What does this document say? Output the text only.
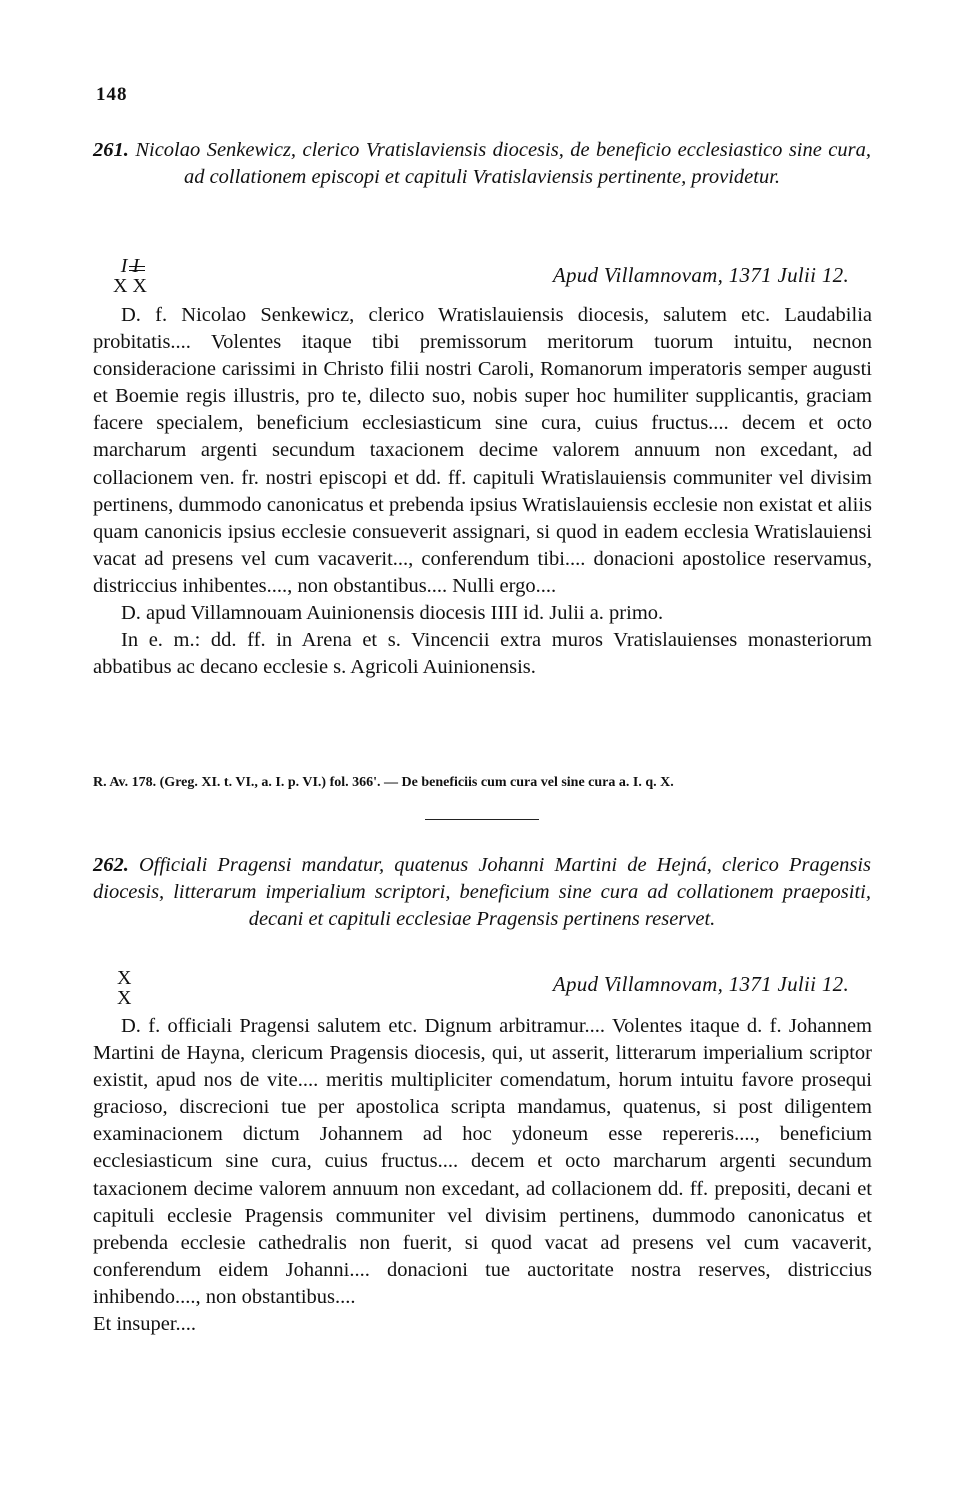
148
261. Nicolao Senkewicz, clerico Vratislaviensis diocesis, de beneficio ecclesiastico sine cura, ad collationem episcopi et capituli Vratislaviensis pertinente, providetur.
I I
X X	Apud Villamnovam, 1371 Julii 12.

D. f. Nicolao Senkewicz, clerico Wratislauiensis diocesis, salutem etc. Laudabilia probitatis.... Volentes itaque tibi premissorum meritorum tuorum intuitu, necnon consideracione carissimi in Christo filii nostri Caroli, Romanorum imperatoris semper augusti et Boemie regis illustris, pro te, dilecto suo, nobis super hoc humiliter supplicantis, graciam facere specialem, beneficium ecclesiasticum sine cura, cuius fructus.... decem et octo marcharum argenti secundum taxacionem decime valorem annuum non excedant, ad collacionem ven. fr. nostri episcopi et dd. ff. capituli Wratislauiensis communiter vel divisim pertinens, dummodo canonicatus et prebenda ipsius Wratislauiensis ecclesie non existat et aliis quam canonicis ipsius ecclesie consueverit assignari, si quod in eadem ecclesia Wratislauiensi vacat ad presens vel cum vacaverit..., conferendum tibi.... donacioni apostolice reservamus, districcius inhibentes...., non obstantibus.... Nulli ergo....

D. apud Villamnouam Auinionensis diocesis IIII id. Julii a. primo.

In e. m.: dd. ff. in Arena et s. Vincencii extra muros Vratislauienses monasteriorum abbatibus ac decano ecclesie s. Agricoli Auinionensis.

R. Av. 178. (Greg. XI. t. VI., a. I. p. VI.) fol. 366'. — De beneficiis cum cura vel sine cura a. I. q. X.
262. Officiali Pragensi mandatur, quatenus Johanni Martini de Hejná, clerico Pragensis diocesis, litterarum imperialium scriptori, beneficium sine cura ad collationem praepositi, decani et capituli ecclesiae Pragensis pertinens reservet.
X
X
Apud Villamnovam, 1371 Julii 12.

D. f. officiali Pragensi salutem etc. Dignum arbitramur.... Volentes itaque d. f. Johannem Martini de Hayna, clericum Pragensis diocesis, qui, ut asserit, litterarum imperialium scriptor existit, apud nos de vite.... meritis multipliciter comendatum, horum intuitu favore prosequi gracioso, discrecioni tue per apostolica scripta mandamus, quatenus, si post diligentem examinacionem dictum Johannem ad hoc ydoneum esse repereris...., beneficium ecclesiasticum sine cura, cuius fructus.... decem et octo marcharum argenti secundum taxacionem decime valorem annuum non excedant, ad collacionem dd. ff. prepositi, decani et capituli ecclesie Pragensis communiter vel divisim pertinens, dummodo canonicatus et prebenda ecclesie cathedralis non fuerit, si quod vacat ad presens vel cum vacaverit, conferendum eidem Johanni.... donacioni tue auctoritate nostra reserves, districcius inhibendo...., non obstantibus....

Et insuper....
